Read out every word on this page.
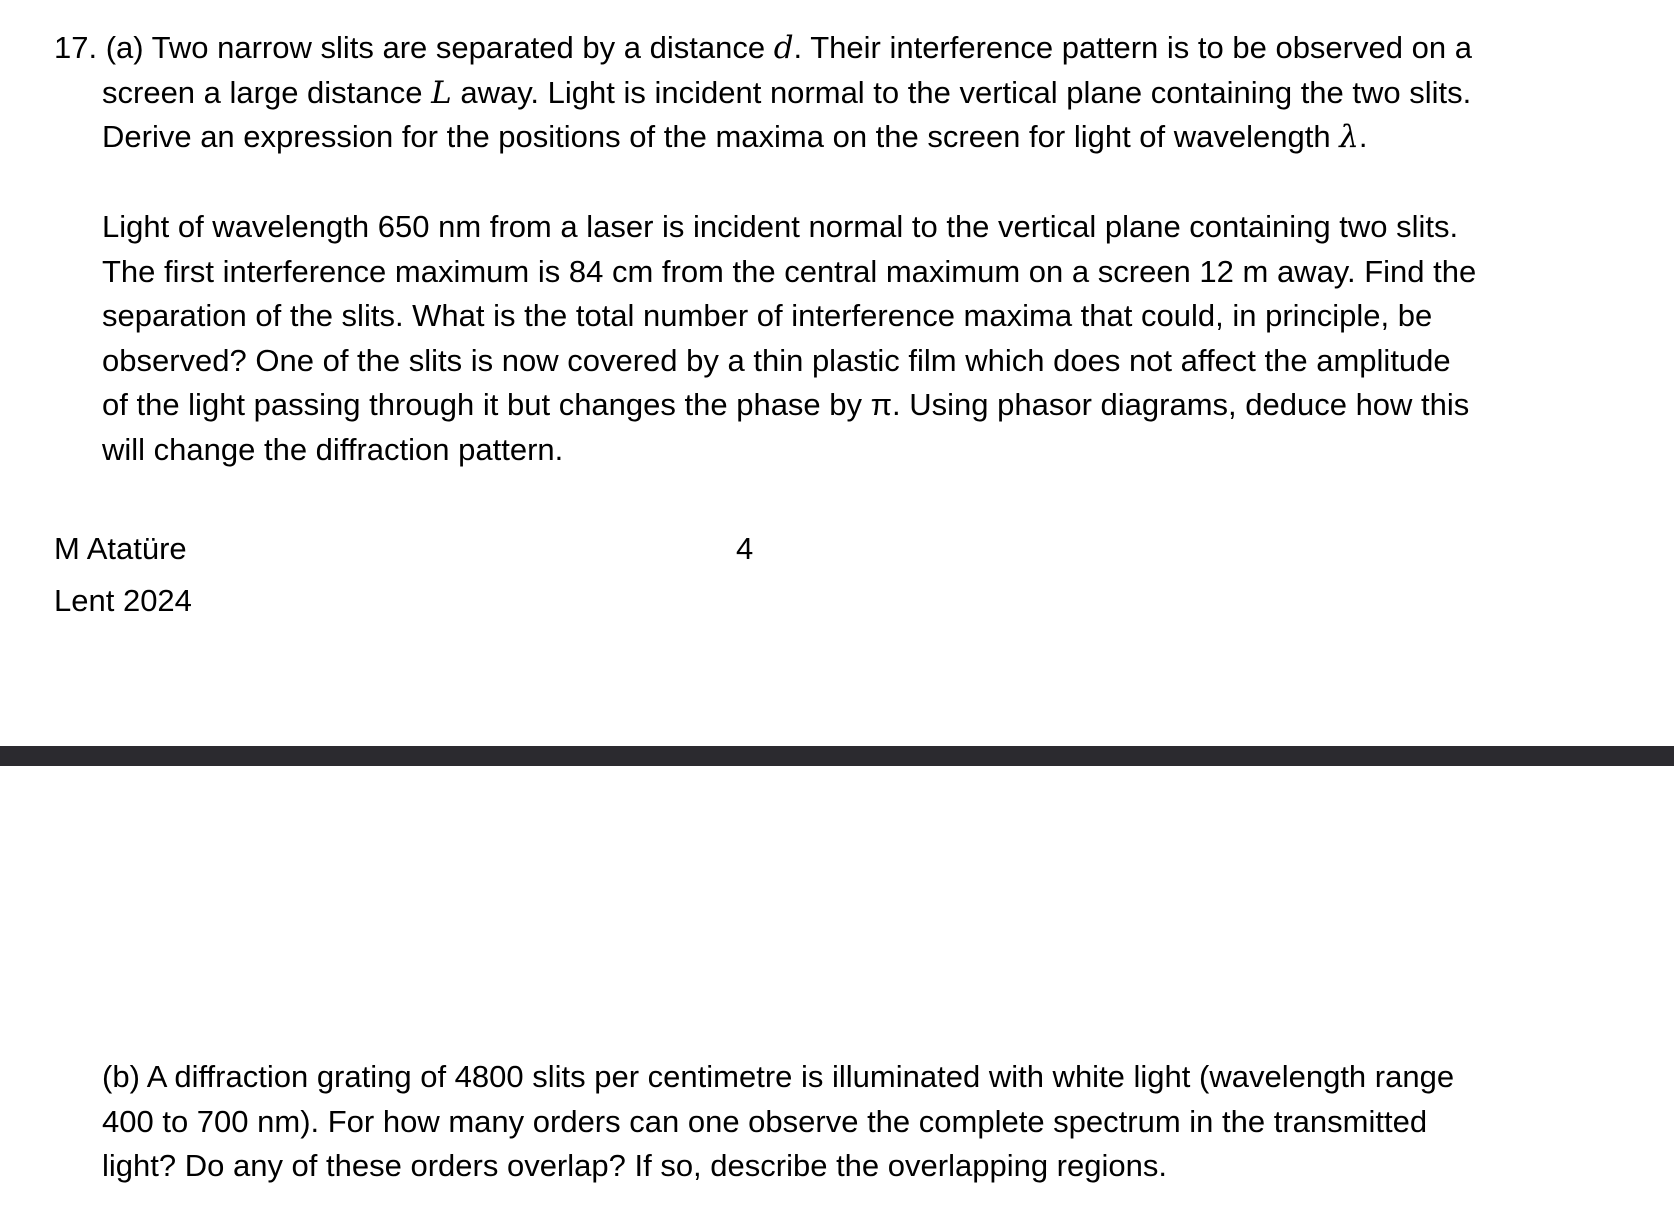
17. (a) Two narrow slits are separated by a distance d. Their interference pattern is to be observed on a
screen a large distance L away. Light is incident normal to the vertical plane containing the two slits.
Derive an expression for the positions of the maxima on the screen for light of wavelength λ.
Light of wavelength 650 nm from a laser is incident normal to the vertical plane containing two slits.
The first interference maximum is 84 cm from the central maximum on a screen 12 m away. Find the
separation of the slits. What is the total number of interference maxima that could, in principle, be
observed? One of the slits is now covered by a thin plastic film which does not affect the amplitude
of the light passing through it but changes the phase by π. Using phasor diagrams, deduce how this
will change the diffraction pattern.
M Atatüre
Lent 2024
4
(b) A diffraction grating of 4800 slits per centimetre is illuminated with white light (wavelength range
400 to 700 nm). For how many orders can one observe the complete spectrum in the transmitted
light? Do any of these orders overlap? If so, describe the overlapping regions.
